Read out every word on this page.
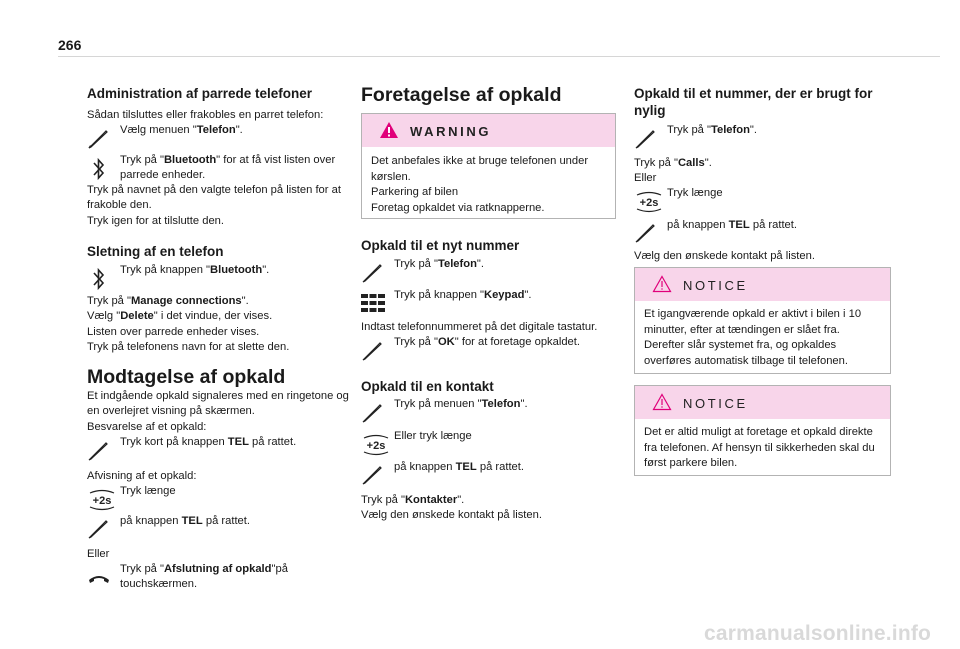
266
Administration af parrede telefoner
Sådan tilsluttes eller frakobles en parret telefon:
Vælg menuen "Telefon".
Tryk på "Bluetooth" for at få vist listen over parrede enheder.
Tryk på navnet på den valgte telefon på listen for at frakoble den.
Tryk igen for at tilslutte den.
Sletning af en telefon
Tryk på knappen "Bluetooth".
Tryk på "Manage connections".
Vælg "Delete" i det vindue, der vises.
Listen over parrede enheder vises.
Tryk på telefonens navn for at slette den.
Modtagelse af opkald
Et indgående opkald signaleres med en ringetone og en overlejret visning på skærmen.
Besvarelse af et opkald:
Tryk kort på knappen TEL på rattet.
Afvisning af et opkald:
+2s
Tryk længe
på knappen TEL på rattet.
Eller
Tryk på "Afslutning af opkald"på touchskærmen.
Foretagelse af opkald
WARNING
Det anbefales ikke at bruge telefonen under kørslen.
Parkering af bilen
Foretag opkaldet via ratknapperne.
Opkald til et nyt nummer
Tryk på "Telefon".
Tryk på knappen "Keypad".
Indtast telefonnummeret på det digitale tastatur.
Tryk på "OK" for at foretage opkaldet.
Opkald til en kontakt
Tryk på menuen "Telefon".
+2s
Eller tryk længe
på knappen TEL på rattet.
Tryk på "Kontakter".
Vælg den ønskede kontakt på listen.
Opkald til et nummer, der er brugt for nylig
Tryk på "Telefon".
Tryk på "Calls".
Eller
+2s
Tryk længe
på knappen TEL på rattet.
Vælg den ønskede kontakt på listen.
NOTICE
Et igangværende opkald er aktivt i bilen i 10 minutter, efter at tændingen er slået fra. Derefter slår systemet fra, og opkaldes overføres automatisk tilbage til telefonen.
NOTICE
Det er altid muligt at foretage et opkald direkte fra telefonen. Af hensyn til sikkerheden skal du først parkere bilen.
carmanualsonline.info
